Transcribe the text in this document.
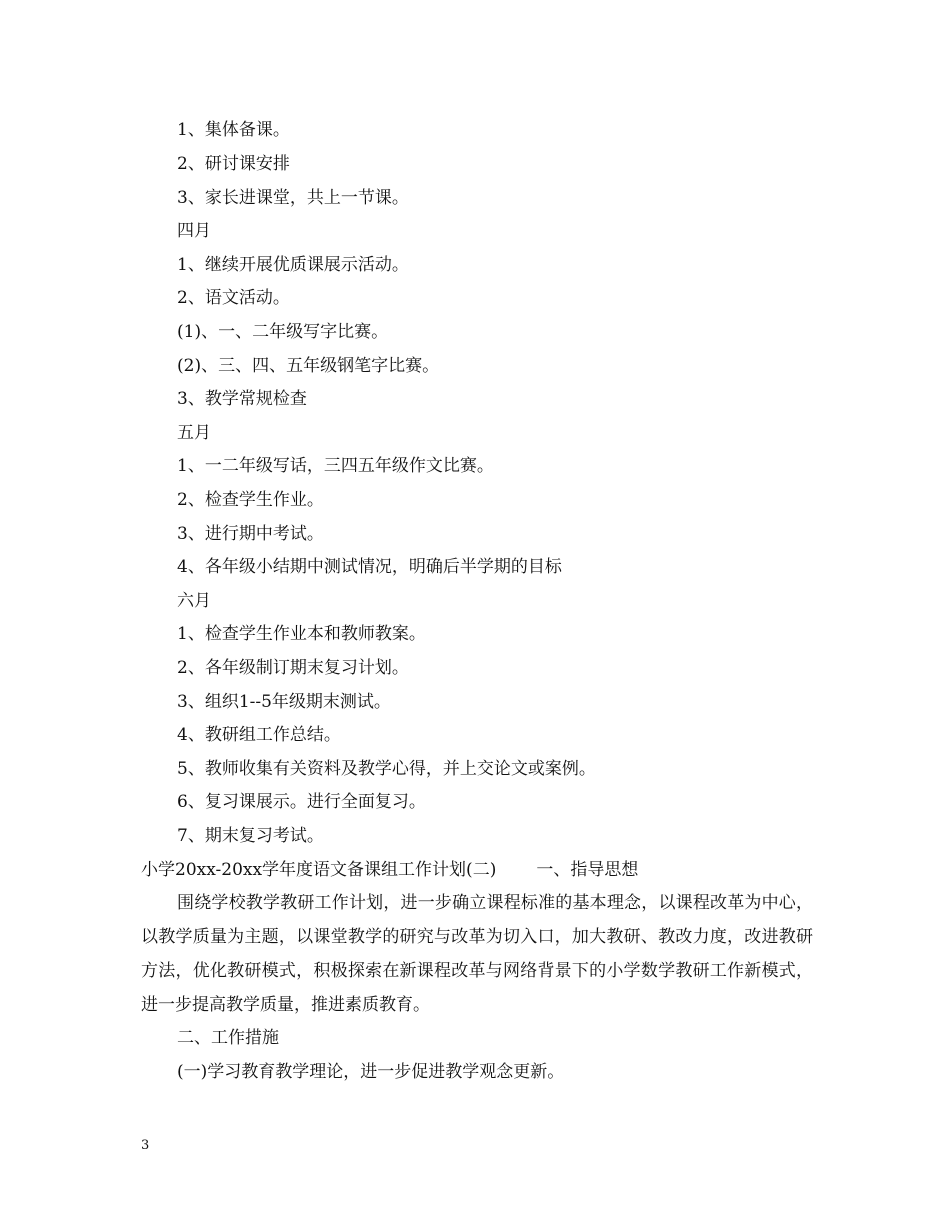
1、集体备课。
2、研讨课安排
3、家长进课堂，共上一节课。
四月
1、继续开展优质课展示活动。
2、语文活动。
(1)、一、二年级写字比赛。
(2)、三、四、五年级钢笔字比赛。
3、教学常规检查
五月
1、一二年级写话，三四五年级作文比赛。
2、检查学生作业。
3、进行期中考试。
4、各年级小结期中测试情况，明确后半学期的目标
六月
1、检查学生作业本和教师教案。
2、各年级制订期末复习计划。
3、组织1--5年级期末测试。
4、教研组工作总结。
5、教师收集有关资料及教学心得，并上交论文或案例。
6、复习课展示。进行全面复习。
7、期末复习考试。
小学20xx-20xx学年度语文备课组工作计划(二) 一、指导思想
围绕学校教学教研工作计划，进一步确立课程标准的基本理念，以课程改革为中心，以教学质量为主题，以课堂教学的研究与改革为切入口，加大教研、教改力度，改进教研方法，优化教研模式，积极探索在新课程改革与网络背景下的小学数学教研工作新模式，进一步提高教学质量，推进素质教育。
二、工作措施
(一)学习教育教学理论，进一步促进教学观念更新。
3
